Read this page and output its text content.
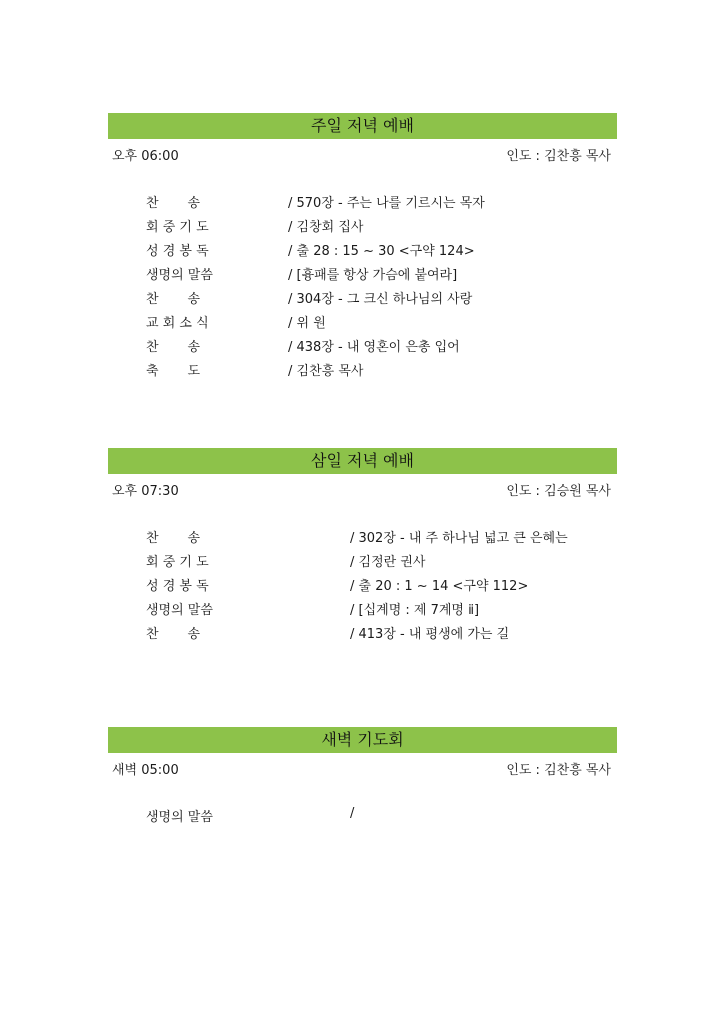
주일 저녁 예배
오후 06:00	인도 : 김찬흥 목사
찬       송	/ 570장 - 주는 나를 기르시는 목자
회 중 기 도	/ 김창회 집사
성 경 봉 독	/ 출 28 : 15 ~ 30 <구약 124>
생명의 말씀	/ [흉패를 항상 가슴에 붙여라]
찬       송	/ 304장 - 그 크신 하나님의 사랑
교 회 소 식	/ 위 원
찬       송	/ 438장 - 내 영혼이 은총 입어
축       도	/ 김찬흥 목사
삼일 저녁 예배
오후 07:30	인도 : 김승원 목사
찬       송	/ 302장 - 내 주 하나님 넓고 큰 은혜는
회 중 기 도	/ 김정란 권사
성 경 봉 독	/ 출 20 : 1 ~ 14 <구약 112>
생명의 말씀	/ [십계명 : 제 7계명 ⅱ]
찬       송	/ 413장 - 내 평생에 가는 길
새벽 기도회
새벽 05:00	인도 : 김찬흥 목사
생명의 말씀	/
